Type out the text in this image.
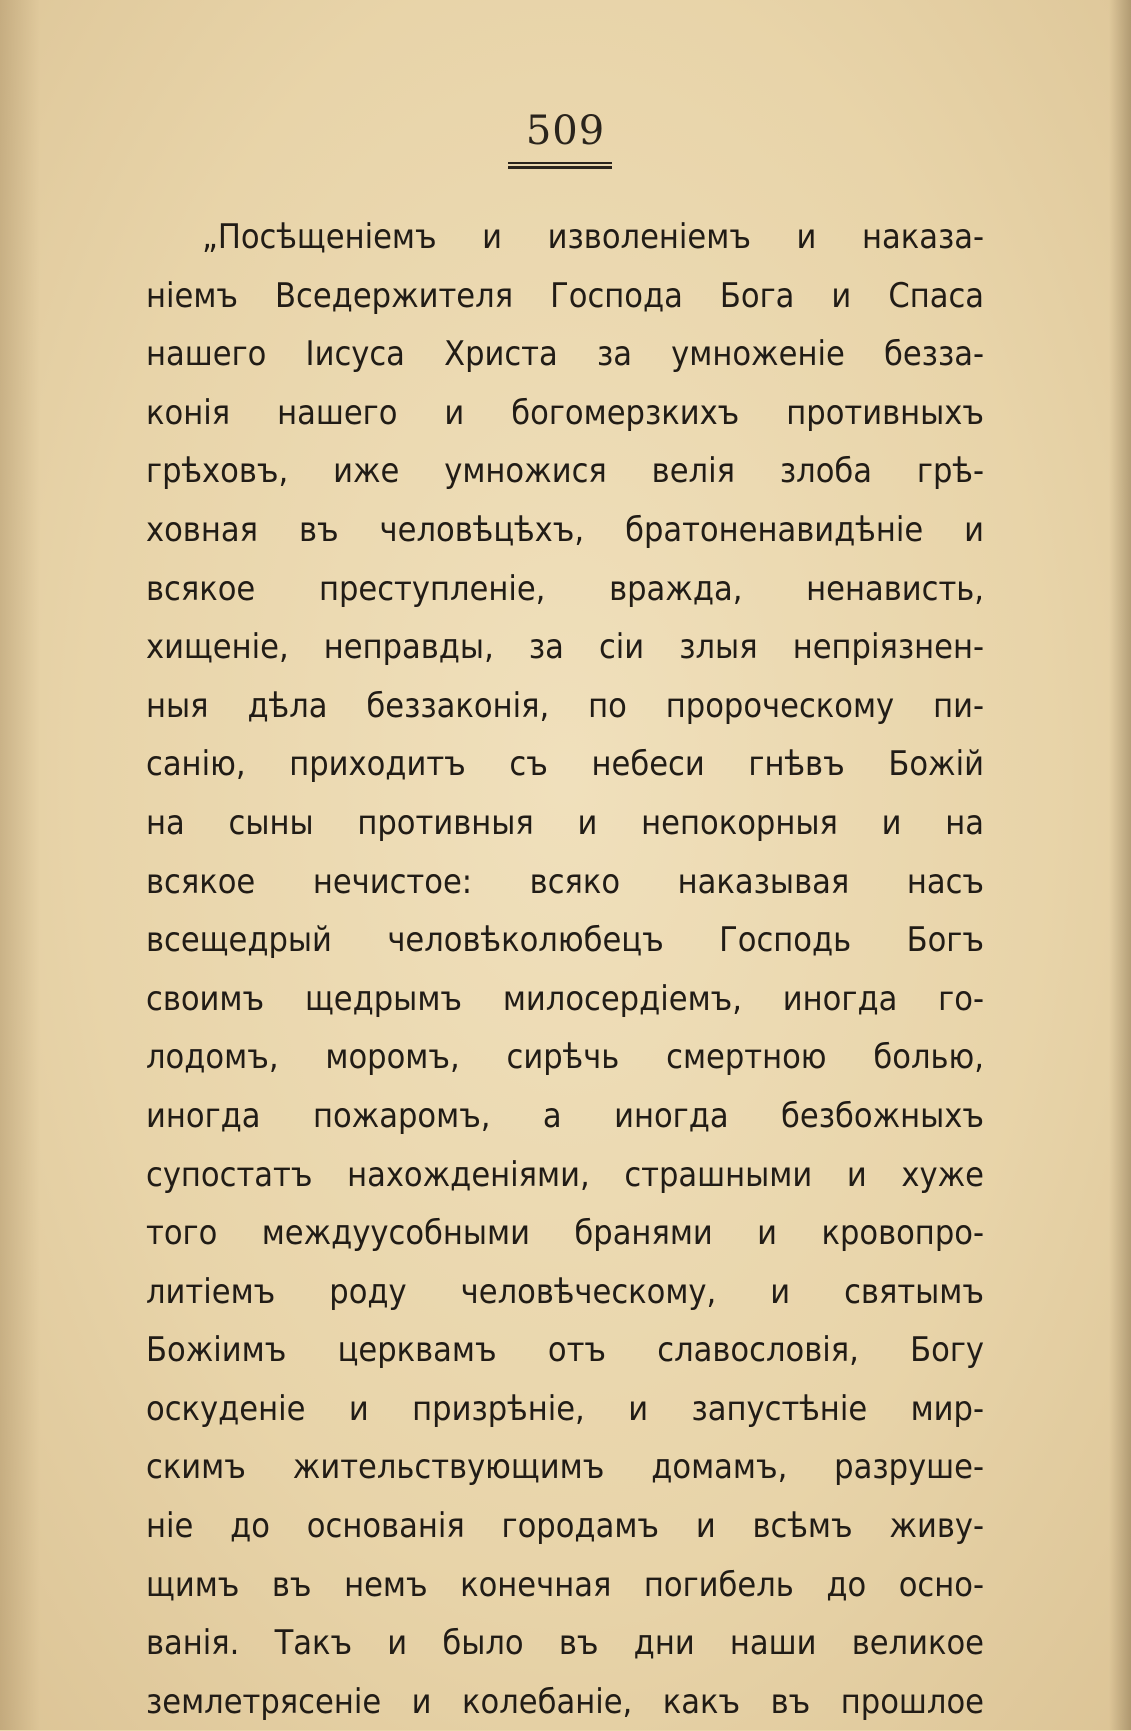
509
„Посѣщеніемъ и изволеніемъ и наказа-
ніемъ Вседержителя Господа Бога и Спаса
нашего Іисуса Христа за умноженіе безза-
конія нашего и богомерзкихъ противныхъ
грѣховъ, иже умножися велія злоба грѣ-
ховная въ человѣцѣхъ, братоненавидѣніе и
всякое преступленіе, вражда, ненависть,
хищеніе, неправды, за сіи злыя непріязнен-
ныя дѣла беззаконія, по пророческому пи-
санію, приходитъ съ небеси гнѣвъ Божій
на сыны противныя и непокорныя и на
всякое нечистое: всяко наказывая насъ
всещедрый человѣколюбецъ Господь Богъ
своимъ щедрымъ милосердіемъ, иногда го-
лодомъ, моромъ, сирѣчь смертною болью,
иногда пожаромъ, а иногда безбожныхъ
супостатъ нахожденіями, страшными и хуже
того междуусобными бранями и кровопро-
литіемъ роду человѣческому, и святымъ
Божіимъ церквамъ отъ славословія, Богу
оскуденіе и призрѣніе, и запустѣніе мир-
скимъ жительствующимъ домамъ, разруше-
ніе до основанія городамъ и всѣмъ живу-
щимъ въ немъ конечная погибель до осно-
ванія. Такъ и было въ дни наши великое
землетрясеніе и колебаніе, какъ въ прошлое
